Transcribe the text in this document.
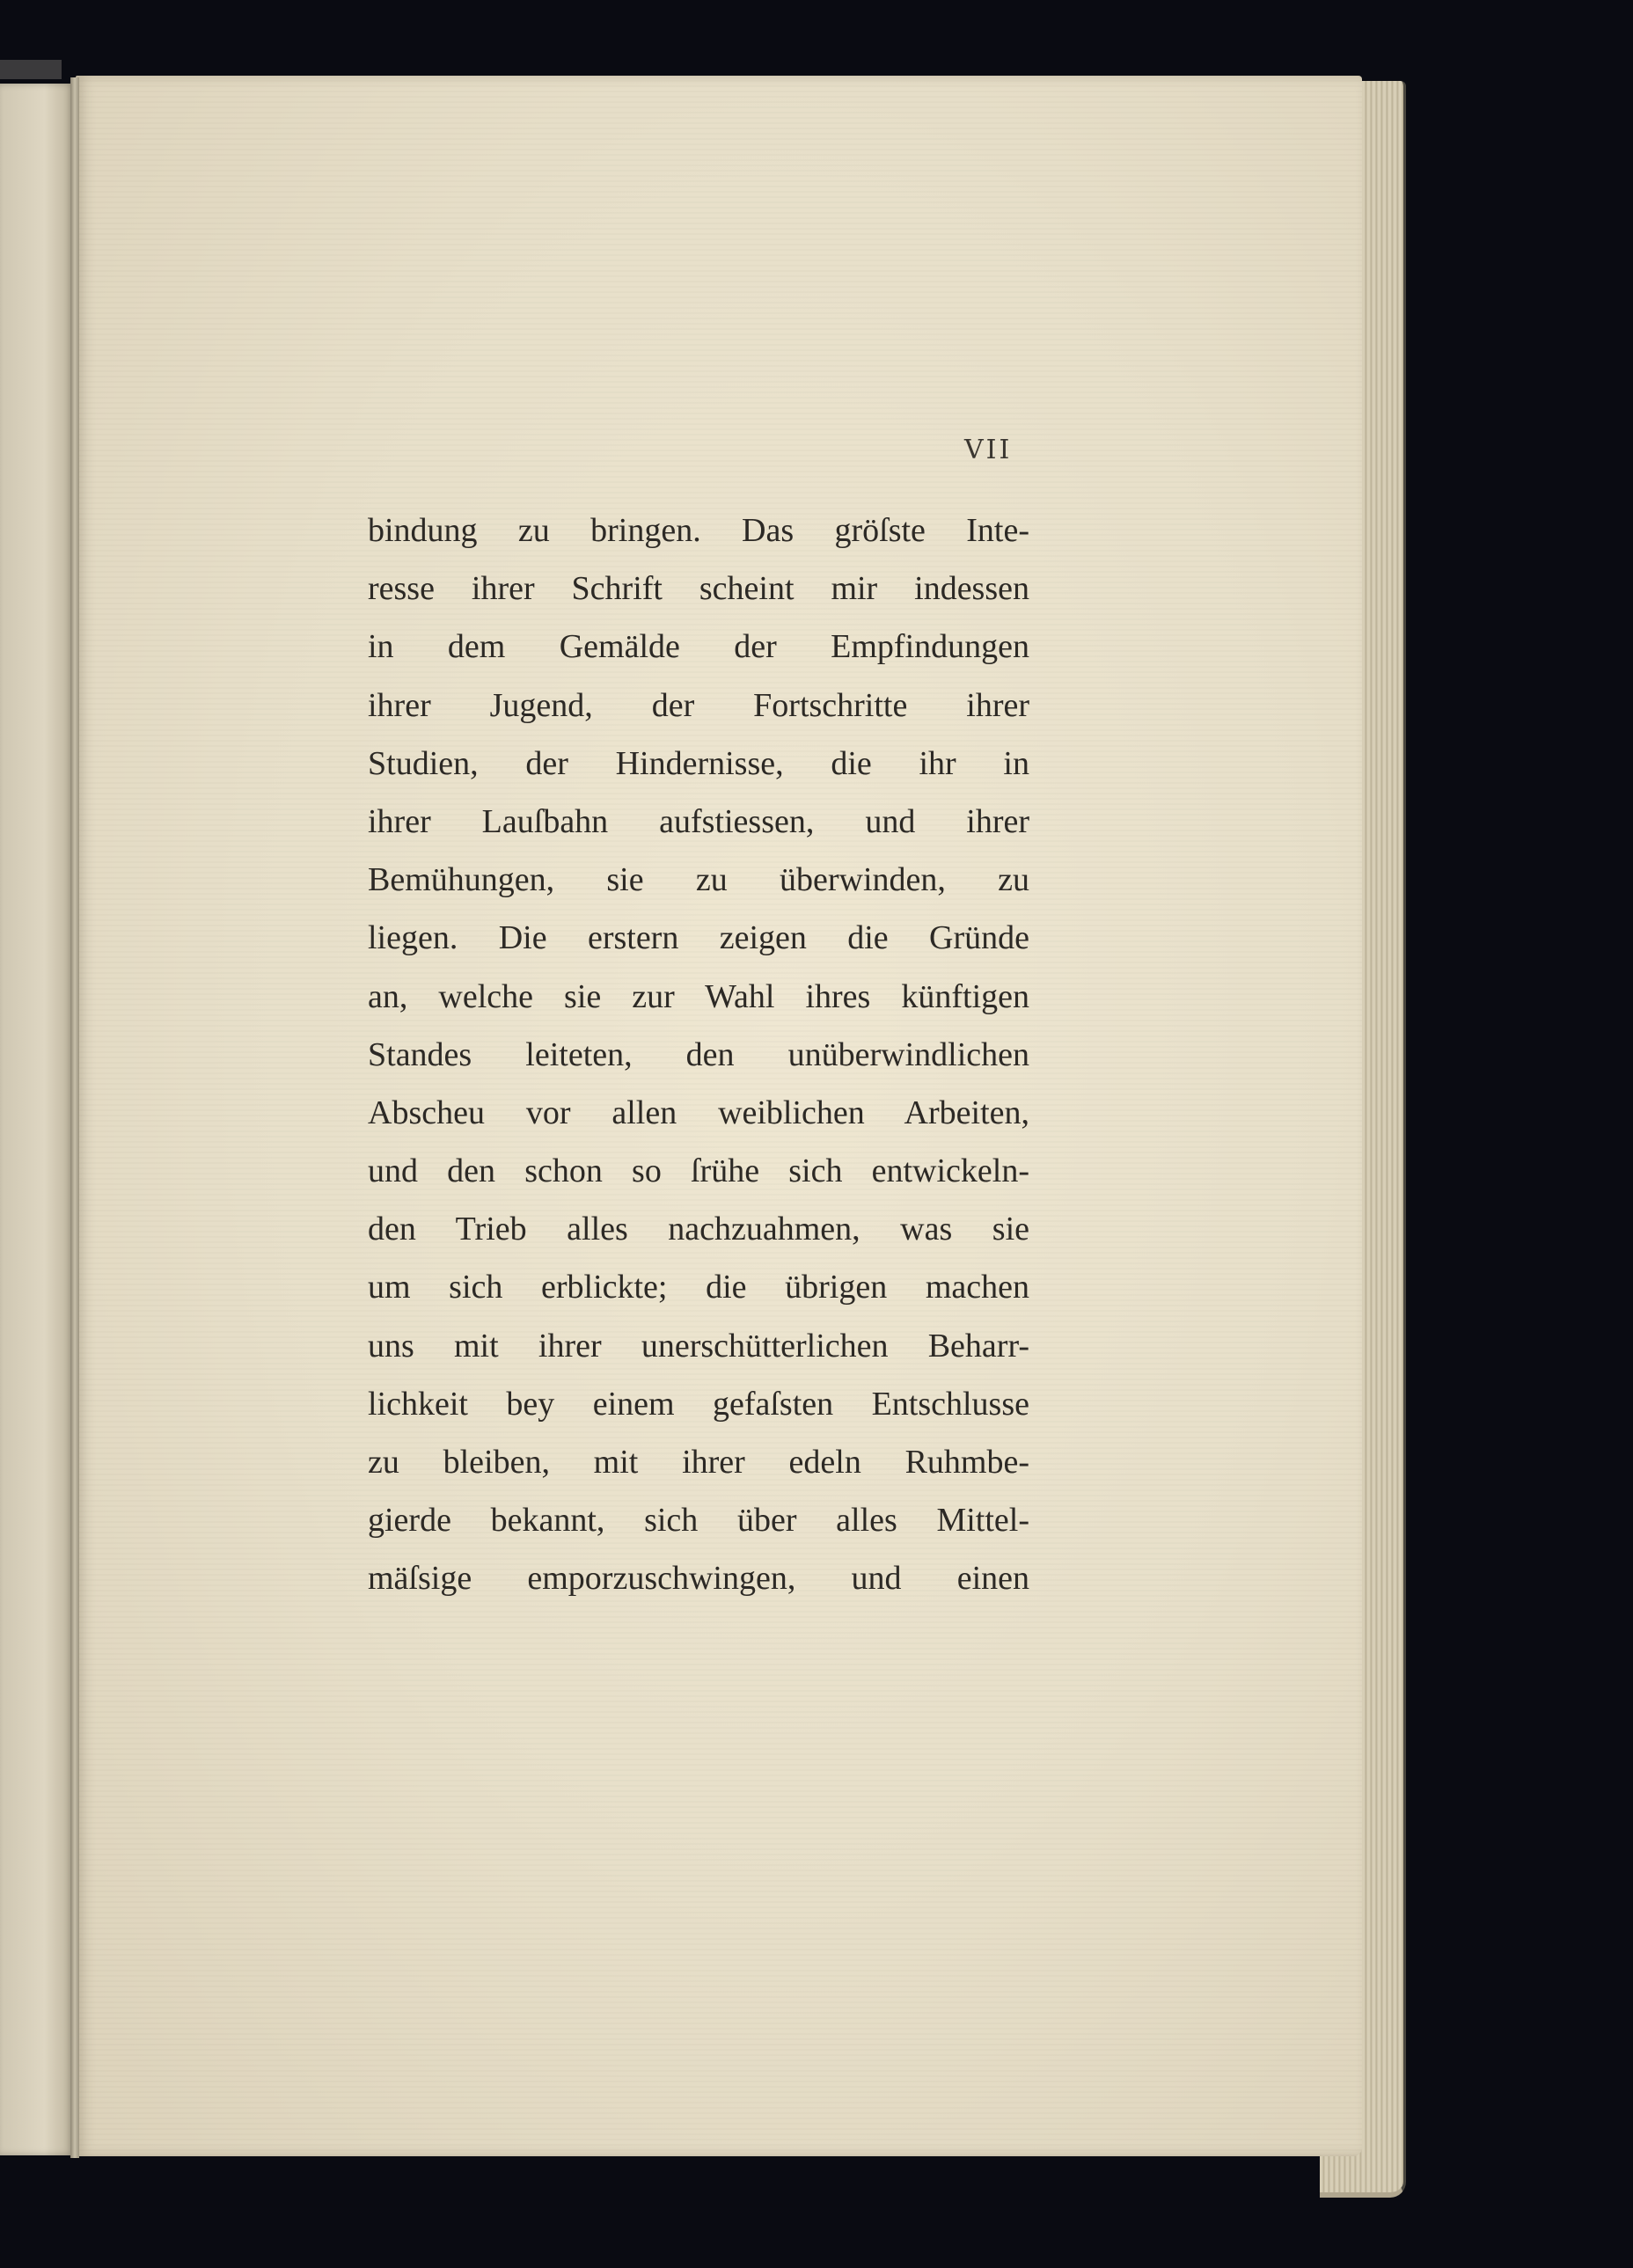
VII
bindung zu bringen. Das gröſste Inte-
resse ihrer Schrift scheint mir indessen
in dem Gemälde der Empfindungen
ihrer Jugend, der Fortschritte ihrer
Studien, der Hindernisse, die ihr in
ihrer Lauſbahn aufstiessen, und ihrer
Bemühungen, sie zu überwinden, zu
liegen. Die erstern zeigen die Gründe
an, welche sie zur Wahl ihres künftigen
Standes leiteten, den unüberwindlichen
Abscheu vor allen weiblichen Arbeiten,
und den schon so ſrühe sich entwickeln-
den Trieb alles nachzuahmen, was sie
um sich erblickte; die übrigen machen
uns mit ihrer unerschütterlichen Beharr-
lichkeit bey einem gefaſsten Entschlusse
zu bleiben, mit ihrer edeln Ruhmbe-
gierde bekannt, sich über alles Mittel-
mäſsige emporzuschwingen, und einen
